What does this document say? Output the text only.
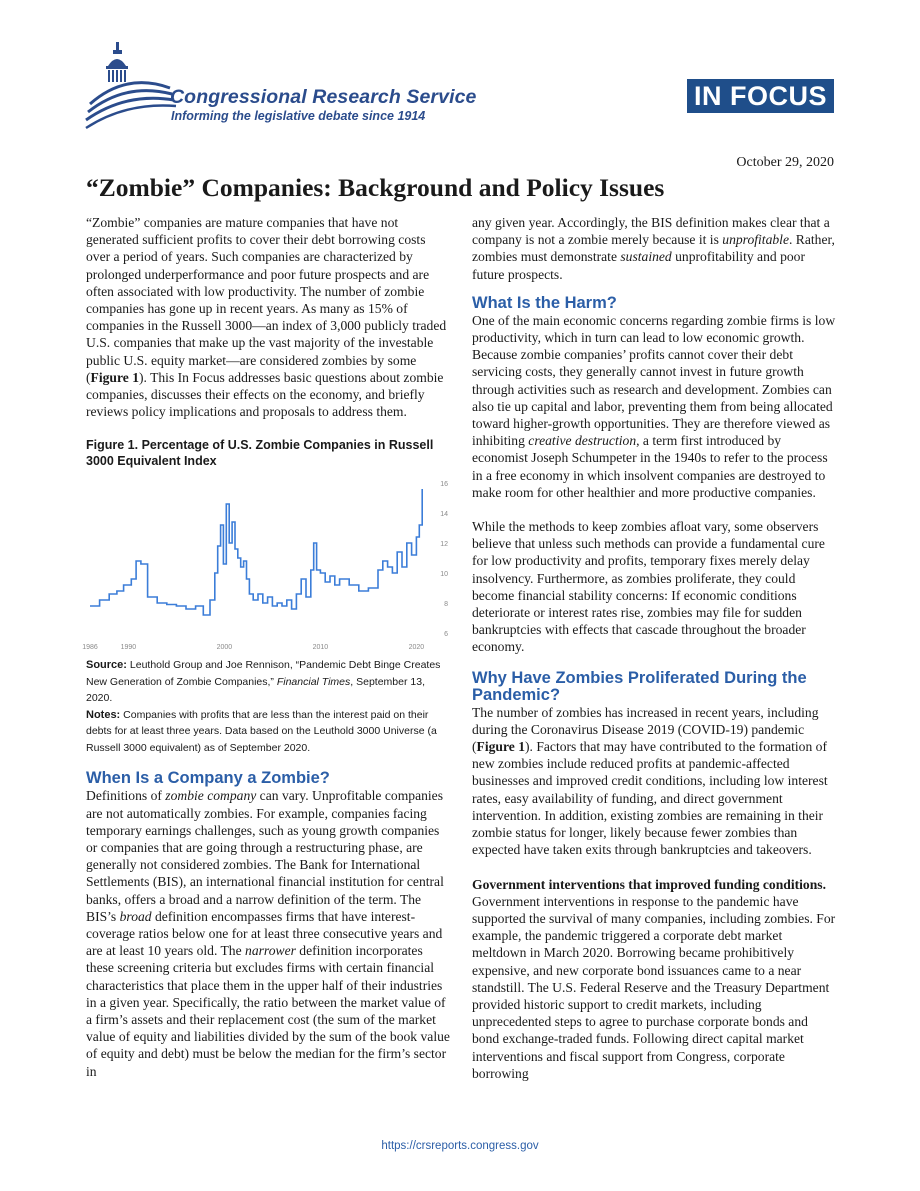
Congressional Research Service
Informing the legislative debate since 1914
IN FOCUS
October 29, 2020
“Zombie” Companies: Background and Policy Issues

“Zombie” companies are mature companies that have not generated sufficient profits to cover their debt borrowing costs over a period of years. Such companies are characterized by prolonged underperformance and poor future prospects and are often associated with low productivity. The number of zombie companies has gone up in recent years. As many as 15% of companies in the Russell 3000—an index of 3,000 publicly traded U.S. companies that make up the vast majority of the investable public U.S. equity market—are considered zombies by some (Figure 1). This In Focus addresses basic questions about zombie companies, discusses their effects on the economy, and briefly reviews policy implications and proposals to address them.

Figure 1. Percentage of U.S. Zombie Companies in Russell 3000 Equivalent Index
6
8
10
12
14
16
1986	1990	2000	2010	2020
Source: Leuthold Group and Joe Rennison, “Pandemic Debt Binge Creates New Generation of Zombie Companies,” Financial Times, September 13, 2020.
Notes: Companies with profits that are less than the interest paid on their debts for at least three years. Data based on the Leuthold 3000 Universe (a Russell 3000 equivalent) as of September 2020.
When Is a Company a Zombie?

Definitions of zombie company can vary. Unprofitable companies are not automatically zombies. For example, companies facing temporary earnings challenges, such as young growth companies or companies that are going through a restructuring phase, are generally not considered zombies. The Bank for International Settlements (BIS), an international financial institution for central banks, offers a broad and a narrow definition of the term. The BIS’s broad definition encompasses firms that have interest-coverage ratios below one for at least three consecutive years and are at least 10 years old. The narrower definition incorporates these screening criteria but excludes firms with certain financial characteristics that place them in the upper half of their industries in a given year. Specifically, the ratio between the market value of a firm’s assets and their replacement cost (the sum of the market value of equity and liabilities divided by the sum of the book value of equity and debt) must be below the median for the firm’s sector in

any given year. Accordingly, the BIS definition makes clear that a company is not a zombie merely because it is unprofitable. Rather, zombies must demonstrate sustained unprofitability and poor future prospects.

What Is the Harm?

One of the main economic concerns regarding zombie firms is low productivity, which in turn can lead to low economic growth. Because zombie companies’ profits cannot cover their debt servicing costs, they generally cannot invest in future growth through activities such as research and development. Zombies can also tie up capital and labor, preventing them from being allocated toward higher-growth opportunities. They are therefore viewed as inhibiting creative destruction, a term first introduced by economist Joseph Schumpeter in the 1940s to refer to the process in a free economy in which insolvent companies are destroyed to make room for other healthier and more productive companies.

While the methods to keep zombies afloat vary, some observers believe that unless such methods can provide a fundamental cure for low productivity and profits, temporary fixes merely delay insolvency. Furthermore, as zombies proliferate, they could become financial stability concerns: If economic conditions deteriorate or interest rates rise, zombies may file for sudden bankruptcies with effects that cascade throughout the broader economy.

Why Have Zombies Proliferated During the Pandemic?

The number of zombies has increased in recent years, including during the Coronavirus Disease 2019 (COVID-19) pandemic (Figure 1). Factors that may have contributed to the formation of new zombies include reduced profits at pandemic-affected businesses and improved credit conditions, including low interest rates, easy availability of funding, and direct government intervention. In addition, existing zombies are remaining in their zombie status for longer, likely because fewer zombies than expected have taken exits through bankruptcies and takeovers.

Government interventions that improved funding conditions. Government interventions in response to the pandemic have supported the survival of many companies, including zombies. For example, the pandemic triggered a corporate debt market meltdown in March 2020. Borrowing became prohibitively expensive, and new corporate bond issuances came to a near standstill. The U.S. Federal Reserve and the Treasury Department provided historic support to credit markets, including unprecedented steps to agree to purchase corporate bonds and bond exchange-traded funds. Following direct capital market interventions and fiscal support from Congress, corporate borrowing

https://crsreports.congress.gov
